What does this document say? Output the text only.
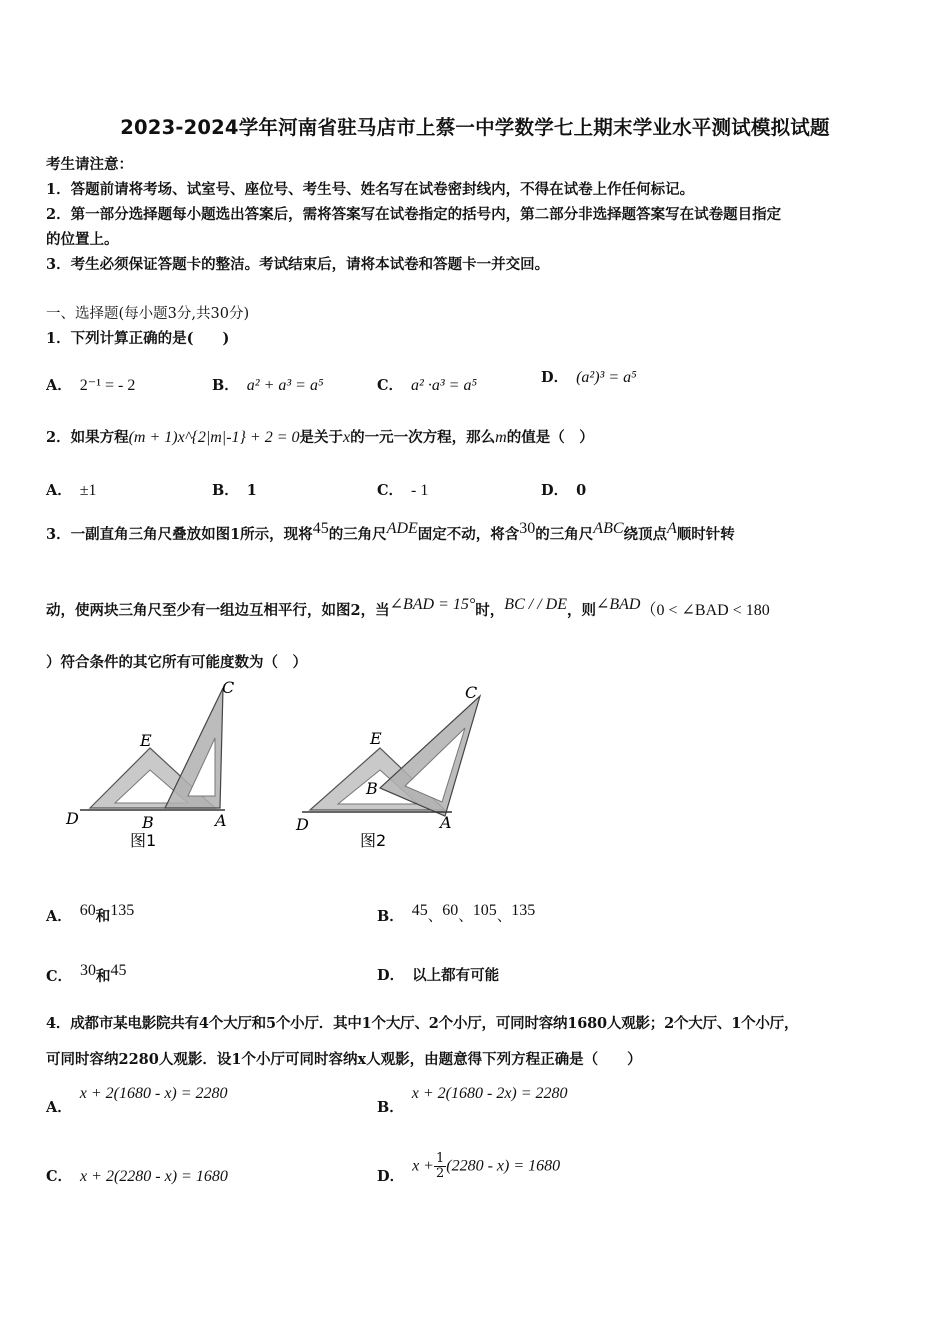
2023-2024学年河南省驻马店市上蔡一中学数学七上期末学业水平测试模拟试题
考生请注意：
1．答题前请将考场、试室号、座位号、考生号、姓名写在试卷密封线内，不得在试卷上作任何标记。
2．第一部分选择题每小题选出答案后，需将答案写在试卷指定的括号内，第二部分非选择题答案写在试卷题目指定
的位置上。
3．考生必须保证答题卡的整洁。考试结束后，请将本试卷和答题卡一并交回。
一、选择题(每小题3分,共30分)
1．下列计算正确的是(　　)
A． 2⁻¹ = - 2	B． a² + a³ = a⁵	C． a² ·a³ = a⁵	D． (a²)³ = a⁵
2．如果方程(m + 1)x^{2|m|-1} + 2 = 0是关于x的一元一次方程，那么m的值是（　）
A． ±1	B． 1	C． - 1	D． 0
3．一副直角三角尺叠放如图1所示，现将$^{45}$的三角尺$^{ADE}$固定不动，将含$^{30}$的三角尺$^{ABC}$绕顶点$^A$顺时针转
动，使两块三角尺至少有一组边互相平行，如图2，当$^{\angle BAD = 15^\circ}$时，$^{BC / / DE}$，则$^{\angle BAD}$（0 < ∠BAD < 180
）符合条件的其它所有可能度数为（　）
C
E
D	B	A
图1
C
E
D
B
A
图2
A． $^{60}$和$^{135}$	B． $^{45}$、$^{60}$、$^{105}$、$^{135}$
C． $^{30}$和$^{45}$	D． 以上都有可能
4．成都市某电影院共有4个大厅和5个小厅．其中1个大厅、2个小厅，可同时容纳1680人观影；2个大厅、1个小厅，
可同时容纳2280人观影．设1个小厅可同时容纳x人观影，由题意得下列方程正确是（　　）
A．x + 2(1680 - x) = 2280
B．x + 2(1680 - 2x) = 2280
C． x + 2(2280 - x) = 1680	D．$x + \frac{1}{2} (2280 - x) = 1680$
